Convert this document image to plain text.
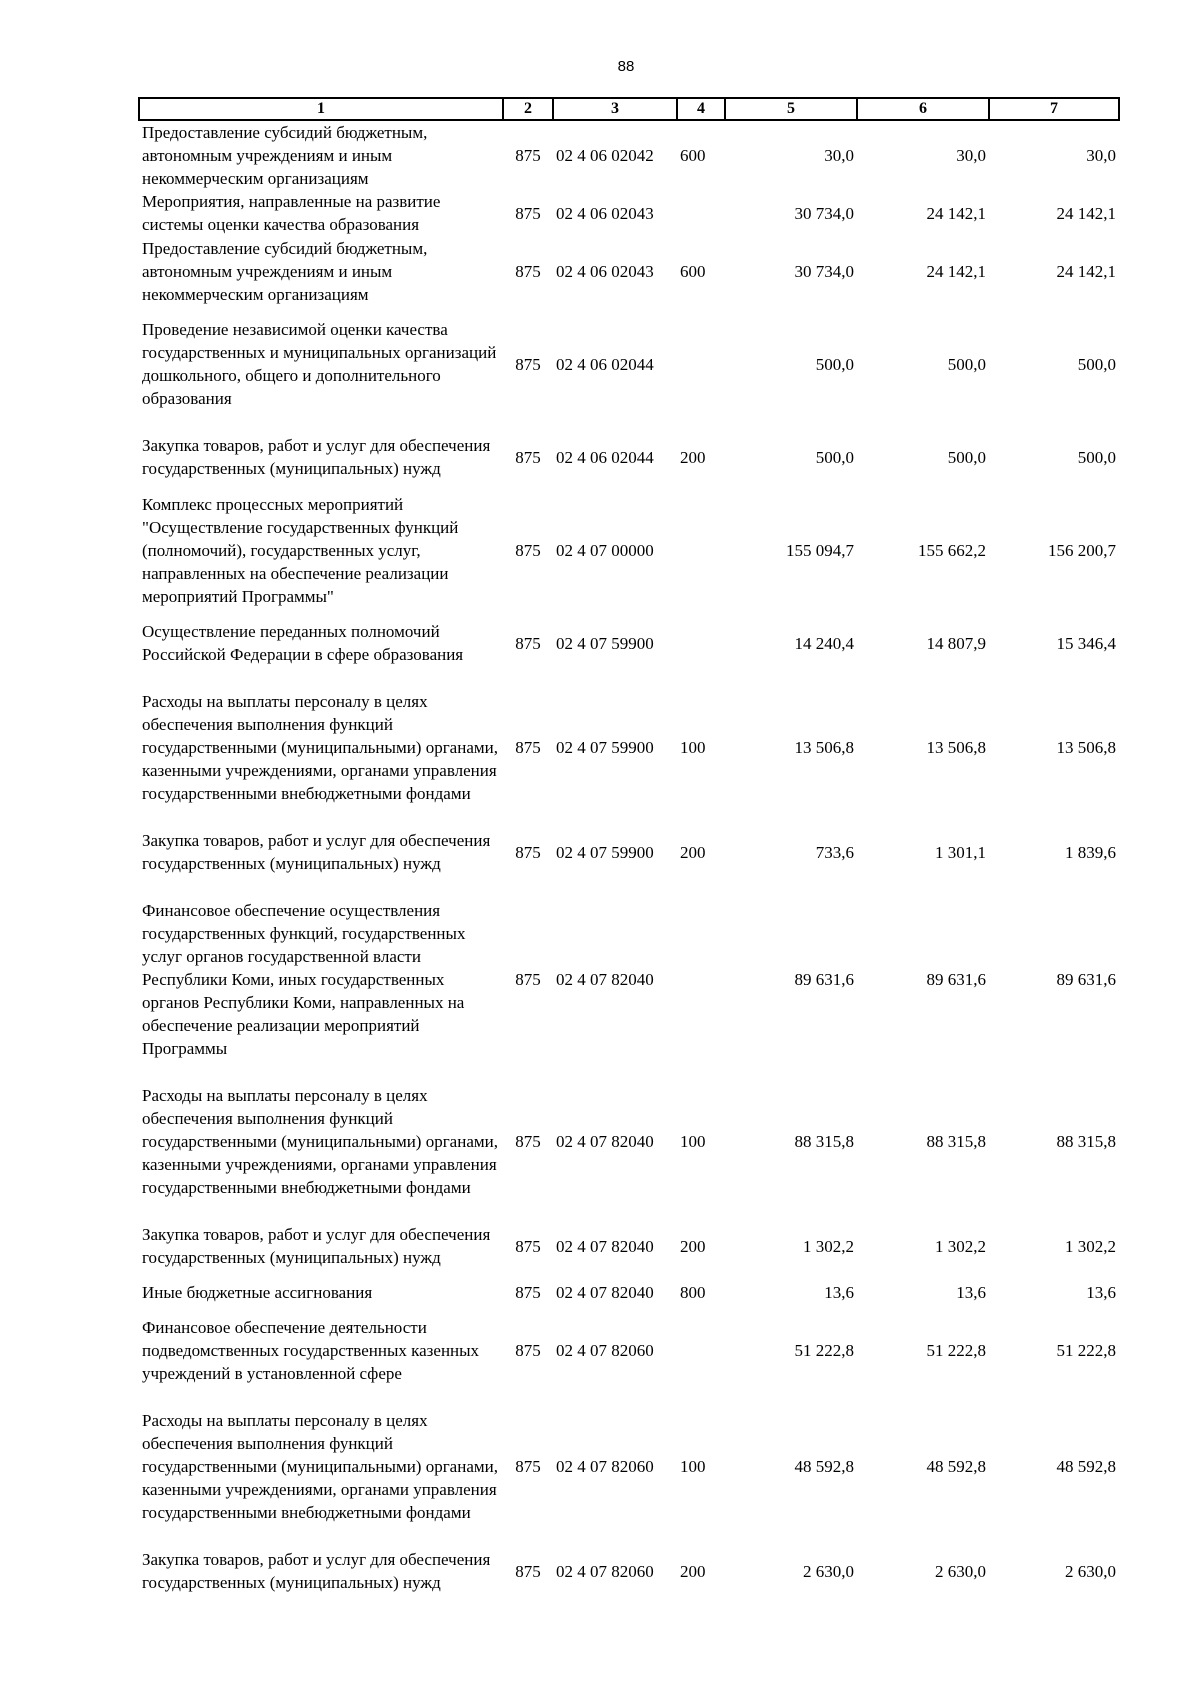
88
1	2	3	4	5	6	7
Предоставление субсидий бюджетным, автономным учреждениям и иным некоммерческим организациям	875	02 4 06 02042	600	30,0	30,0	30,0
Мероприятия, направленные на развитие системы оценки качества образования	875	02 4 06 02043		30 734,0	24 142,1	24 142,1
Предоставление субсидий бюджетным, автономным учреждениям и иным некоммерческим организациям	875	02 4 06 02043	600	30 734,0	24 142,1	24 142,1
Проведение независимой оценки качества государственных и муниципальных организаций дошкольного, общего и дополнительного образования	875	02 4 06 02044		500,0	500,0	500,0
Закупка товаров, работ и услуг для обеспечения государственных (муниципальных) нужд	875	02 4 06 02044	200	500,0	500,0	500,0
Комплекс процессных мероприятий "Осуществление государственных функций (полномочий), государственных услуг, направленных на обеспечение реализации мероприятий Программы"	875	02 4 07 00000		155 094,7	155 662,2	156 200,7
Осуществление переданных полномочий Российской Федерации в сфере образования	875	02 4 07 59900		14 240,4	14 807,9	15 346,4
Расходы на выплаты персоналу в целях обеспечения выполнения функций государственными (муниципальными) органами, казенными учреждениями, органами управления государственными внебюджетными фондами	875	02 4 07 59900	100	13 506,8	13 506,8	13 506,8
Закупка товаров, работ и услуг для обеспечения государственных (муниципальных) нужд	875	02 4 07 59900	200	733,6	1 301,1	1 839,6
Финансовое обеспечение осуществления государственных функций, государственных услуг органов государственной власти Республики Коми, иных государственных органов Республики Коми, направленных на обеспечение реализации мероприятий Программы	875	02 4 07 82040		89 631,6	89 631,6	89 631,6
Расходы на выплаты персоналу в целях обеспечения выполнения функций государственными (муниципальными) органами, казенными учреждениями, органами управления государственными внебюджетными фондами	875	02 4 07 82040	100	88 315,8	88 315,8	88 315,8
Закупка товаров, работ и услуг для обеспечения государственных (муниципальных) нужд	875	02 4 07 82040	200	1 302,2	1 302,2	1 302,2
Иные бюджетные ассигнования	875	02 4 07 82040	800	13,6	13,6	13,6
Финансовое обеспечение деятельности подведомственных государственных казенных учреждений в установленной сфере	875	02 4 07 82060		51 222,8	51 222,8	51 222,8
Расходы на выплаты персоналу в целях обеспечения выполнения функций государственными (муниципальными) органами, казенными учреждениями, органами управления государственными внебюджетными фондами	875	02 4 07 82060	100	48 592,8	48 592,8	48 592,8
Закупка товаров, работ и услуг для обеспечения государственных (муниципальных) нужд	875	02 4 07 82060	200	2 630,0	2 630,0	2 630,0
